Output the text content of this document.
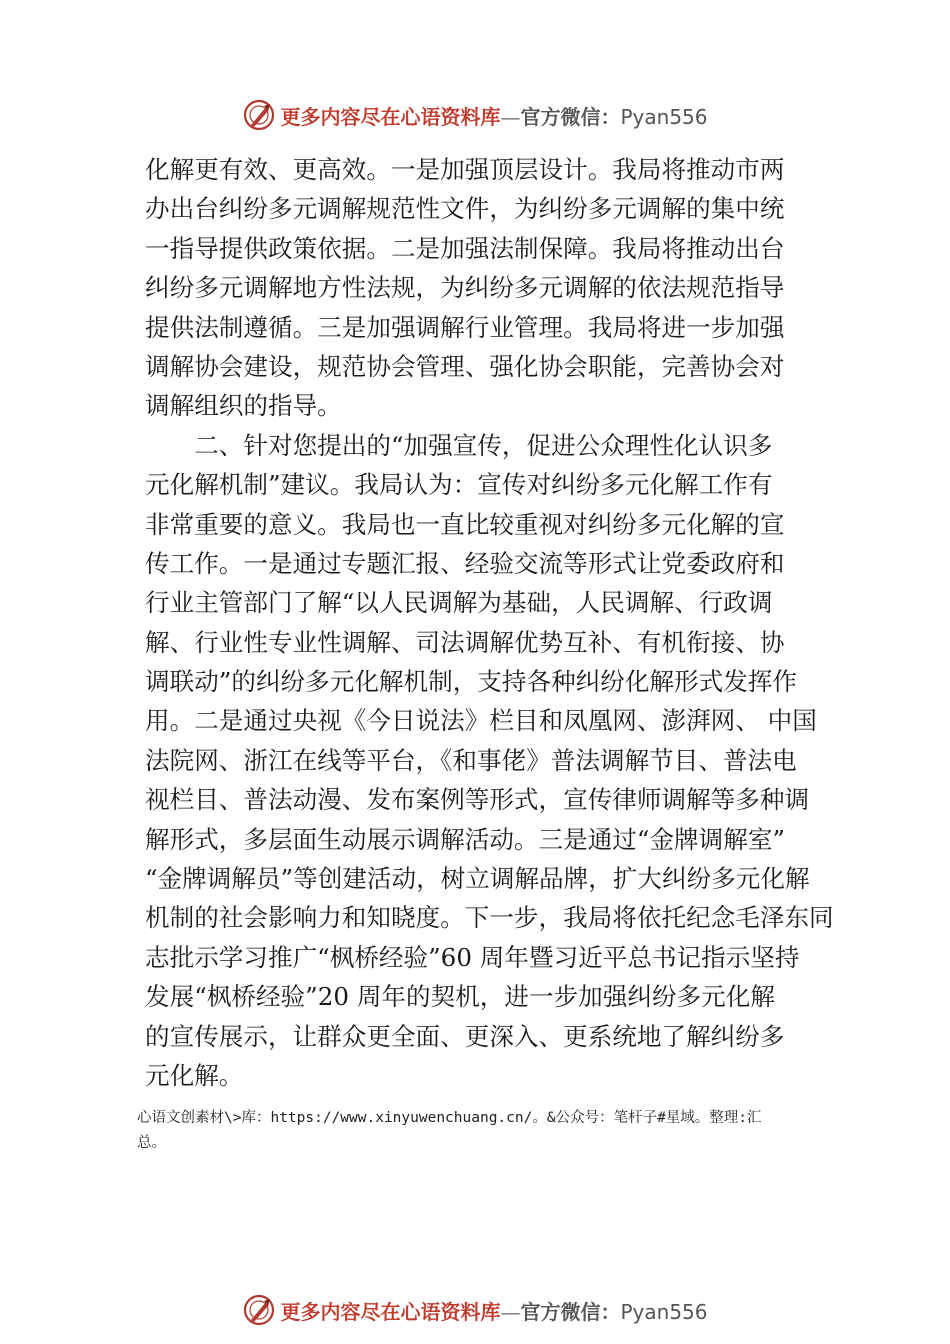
更多内容尽在心语资料库—官方微信：Pyan556
化解更有效、更高效。一是加强顶层设计。我局将推动市两
办出台纠纷多元调解规范性文件，为纠纷多元调解的集中统
一指导提供政策依据。二是加强法制保障。我局将推动出台
纠纷多元调解地方性法规，为纠纷多元调解的依法规范指导
提供法制遵循。三是加强调解行业管理。我局将进一步加强
调解协会建设，规范协会管理、强化协会职能，完善协会对
调解组织的指导。
　　二、针对您提出的“加强宣传，促进公众理性化认识多
元化解机制”建议。我局认为：宣传对纠纷多元化解工作有
非常重要的意义。我局也一直比较重视对纠纷多元化解的宣
传工作。一是通过专题汇报、经验交流等形式让党委政府和
行业主管部门了解“以人民调解为基础，人民调解、行政调
解、行业性专业性调解、司法调解优势互补、有机衔接、协
调联动”的纠纷多元化解机制，支持各种纠纷化解形式发挥作
用。二是通过央视《今日说法》栏目和凤凰网、澎湃网、 中国
法院网、浙江在线等平台，《和事佬》普法调解节目、普法电
视栏目、普法动漫、发布案例等形式，宣传律师调解等多种调
解形式，多层面生动展示调解活动。三是通过“金牌调解室”
“金牌调解员”等创建活动，树立调解品牌，扩大纠纷多元化解
机制的社会影响力和知晓度。下一步，我局将依托纪念毛泽东同
志批示学习推广“枫桥经验”60 周年暨习近平总书记指示坚持
发展“枫桥经验”20 周年的契机，进一步加强纠纷多元化解
的宣传展示，让群众更全面、更深入、更系统地了解纠纷多
元化解。
心语文创素材\>库：https://www.xinyuwenchuang.cn/。&公众号：笔杆子#星域。整理:汇
总。
更多内容尽在心语资料库—官方微信：Pyan556
